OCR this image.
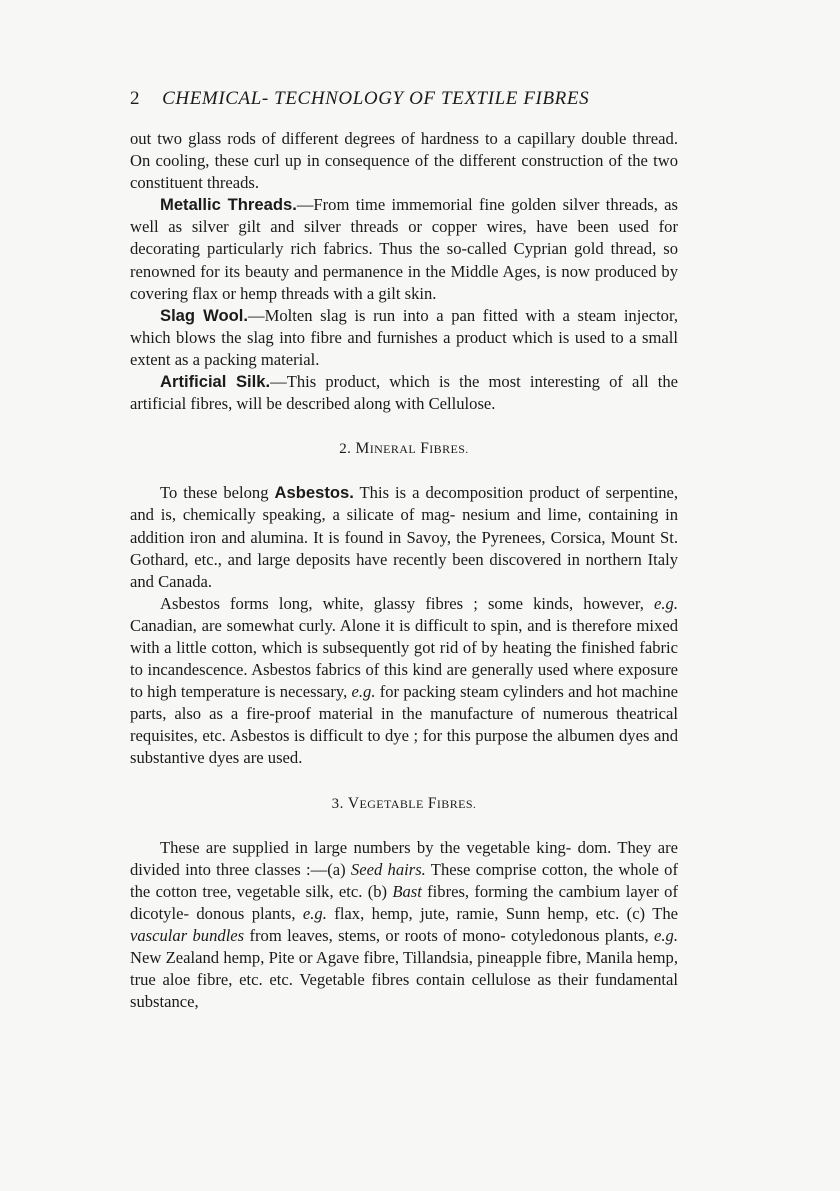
2 CHEMICAL- TECHNOLOGY OF TEXTILE FIBRES

out two glass rods of different degrees of hardness to a capillary double thread. On cooling, these curl up in consequence of the different construction of the two constituent threads.

Metallic Threads.—From time immemorial fine golden silver threads, as well as silver gilt and silver threads or copper wires, have been used for decorating particularly rich fabrics. Thus the so-called Cyprian gold thread, so renowned for its beauty and permanence in the Middle Ages, is now produced by covering flax or hemp threads with a gilt skin.

Slag Wool.—Molten slag is run into a pan fitted with a steam injector, which blows the slag into fibre and furnishes a product which is used to a small extent as a packing material.

Artificial Silk.—This product, which is the most interesting of all the artificial fibres, will be described along with Cellulose.

2. MINERAL FIBRES.

To these belong Asbestos. This is a decomposition product of serpentine, and is, chemically speaking, a silicate of mag- nesium and lime, containing in addition iron and alumina. It is found in Savoy, the Pyrenees, Corsica, Mount St. Gothard, etc., and large deposits have recently been discovered in northern Italy and Canada.

Asbestos forms long, white, glassy fibres ; some kinds, however, e.g. Canadian, are somewhat curly. Alone it is difficult to spin, and is therefore mixed with a little cotton, which is subsequently got rid of by heating the finished fabric to incandescence. Asbestos fabrics of this kind are generally used where exposure to high temperature is necessary, e.g. for packing steam cylinders and hot machine parts, also as a fire-proof material in the manufacture of numerous theatrical requisites, etc. Asbestos is difficult to dye ; for this purpose the albumen dyes and substantive dyes are used.

3. VEGETABLE FIBRES.

These are supplied in large numbers by the vegetable king- dom. They are divided into three classes :—(a) Seed hairs. These comprise cotton, the whole of the cotton tree, vegetable silk, etc. (b) Bast fibres, forming the cambium layer of dicotyle- donous plants, e.g. flax, hemp, jute, ramie, Sunn hemp, etc. (c) The vascular bundles from leaves, stems, or roots of mono- cotyledonous plants, e.g. New Zealand hemp, Pite or Agave fibre, Tillandsia, pineapple fibre, Manila hemp, true aloe fibre, etc. etc. Vegetable fibres contain cellulose as their fundamental substance,
